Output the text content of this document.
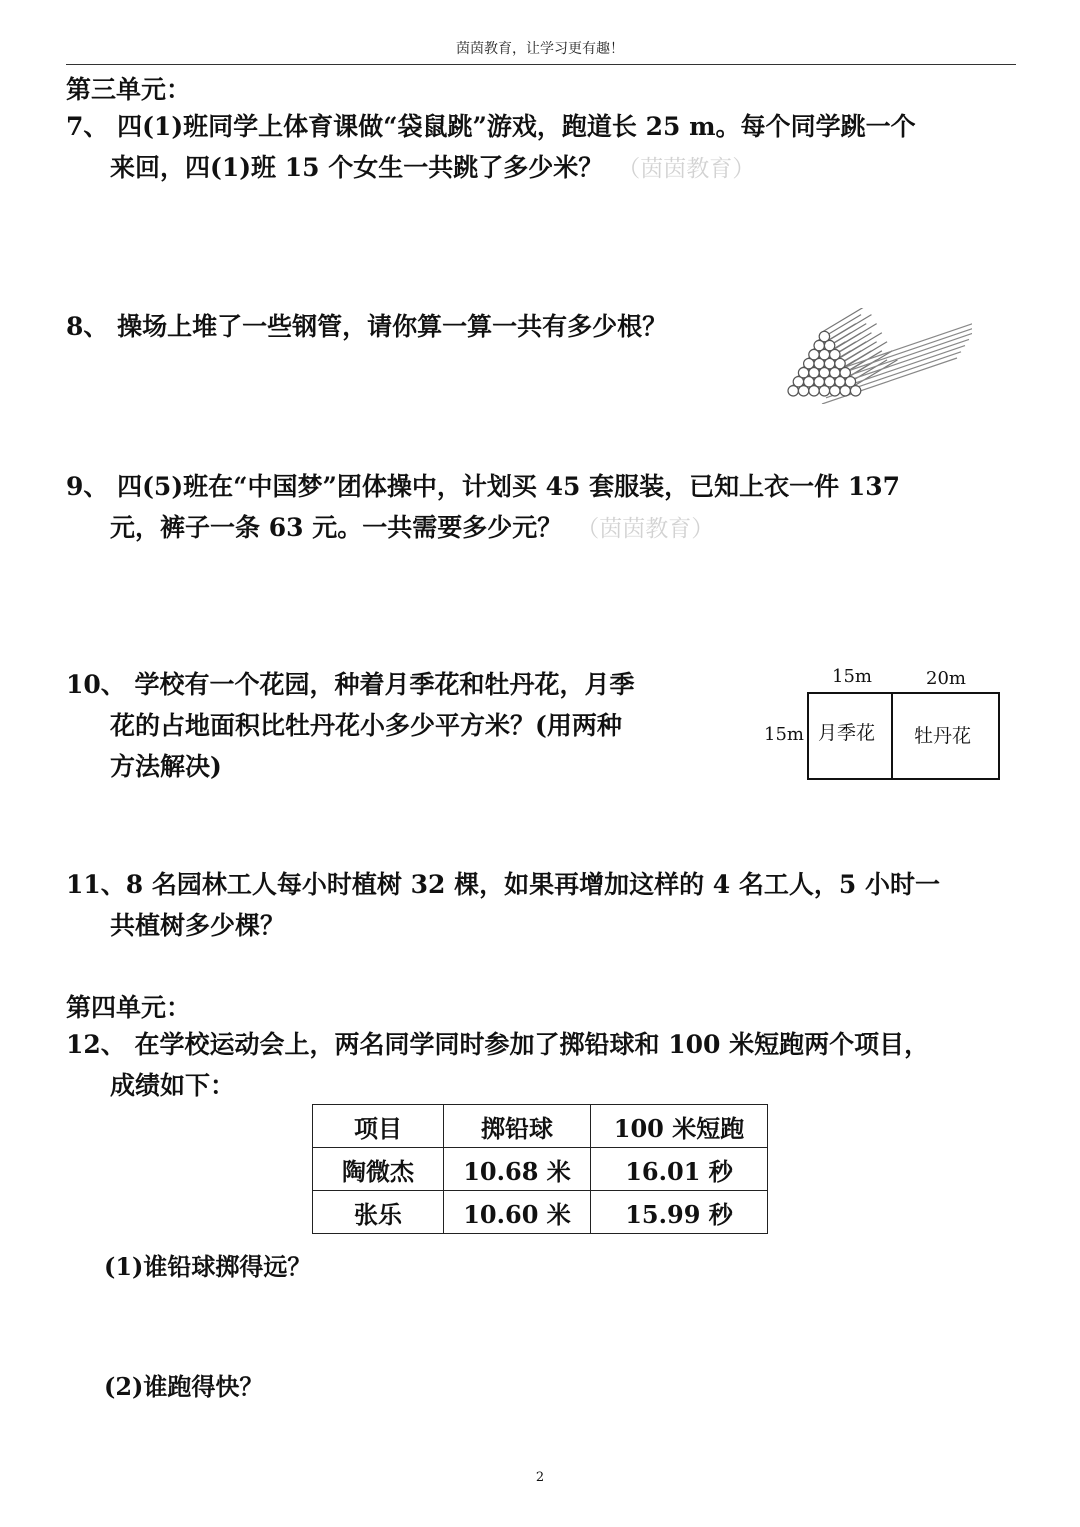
茵茵教育，让学习更有趣！
第三单元：
7、 四(1)班同学上体育课做“袋鼠跳”游戏，跑道长 25 m。每个同学跳一个
来回，四(1)班 15 个女生一共跳了多少米？ （茵茵教育）
8、 操场上堆了一些钢管，请你算一算一共有多少根？
9、 四(5)班在“中国梦”团体操中，计划买 45 套服装，已知上衣一件 137
元，裤子一条 63 元。一共需要多少元？ （茵茵教育）
10、 学校有一个花园，种着月季花和牡丹花，月季
花的占地面积比牡丹花小多少平方米？(用两种
方法解决)
15m	20m
15m 月季花 牡丹花
11、8 名园林工人每小时植树 32 棵，如果再增加这样的 4 名工人，5 小时一
共植树多少棵？
第四单元：
12、 在学校运动会上，两名同学同时参加了掷铅球和 100 米短跑两个项目，
成绩如下：
项目	掷铅球	100 米短跑
陶微杰	10.68 米	16.01 秒
张乐	10.60 米	15.99 秒
(1)谁铅球掷得远？
(2)谁跑得快？
2
